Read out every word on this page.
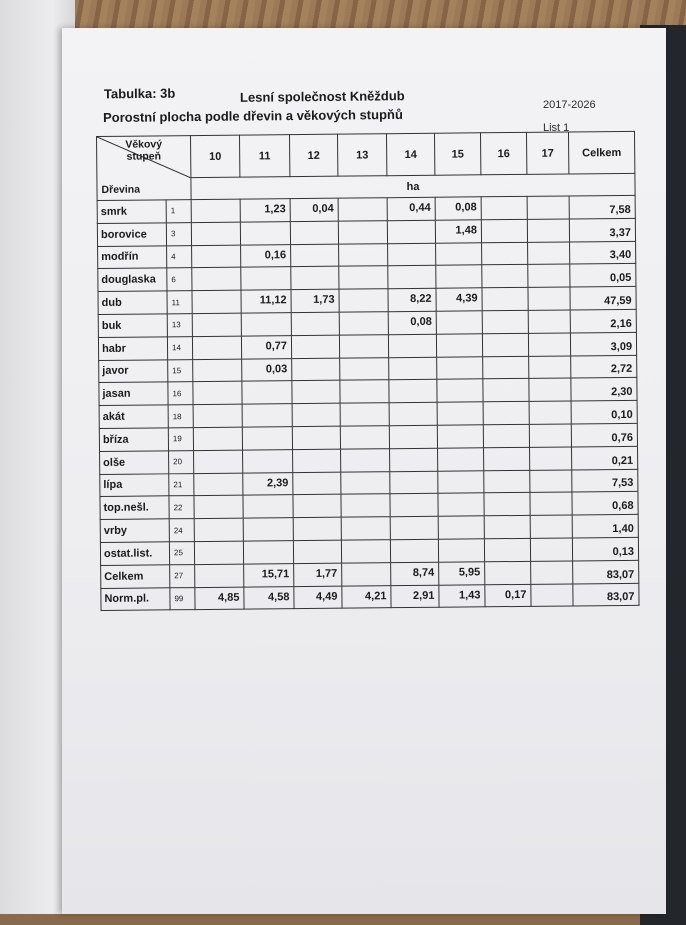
Tabulka: 3b	Lesní společnost Kněždub
2017-2026
Porostní plocha podle dřevin a věkových stupňů
List 1
Věkový
stupeň
Dřevina		10	11	12	13	14	15	16	17	Celkem
		ha								
smrk	1		1,23	0,04		0,44	0,08			7,58
borovice	3						1,48			3,37
modřín	4		0,16							3,40
douglaska	6									0,05
dub	11		11,12	1,73		8,22	4,39			47,59
buk	13					0,08				2,16
habr	14		0,77							3,09
javor	15		0,03							2,72
jasan	16									2,30
akát	18									0,10
bříza	19									0,76
olše	20									0,21
lípa	21		2,39							7,53
top.nešl.	22									0,68
vrby	24									1,40
ostat.list.	25									0,13
Celkem	27		15,71	1,77		8,74	5,95			83,07
Norm.pl.	99	4,85	4,58	4,49	4,21	2,91	1,43	0,17		83,07
